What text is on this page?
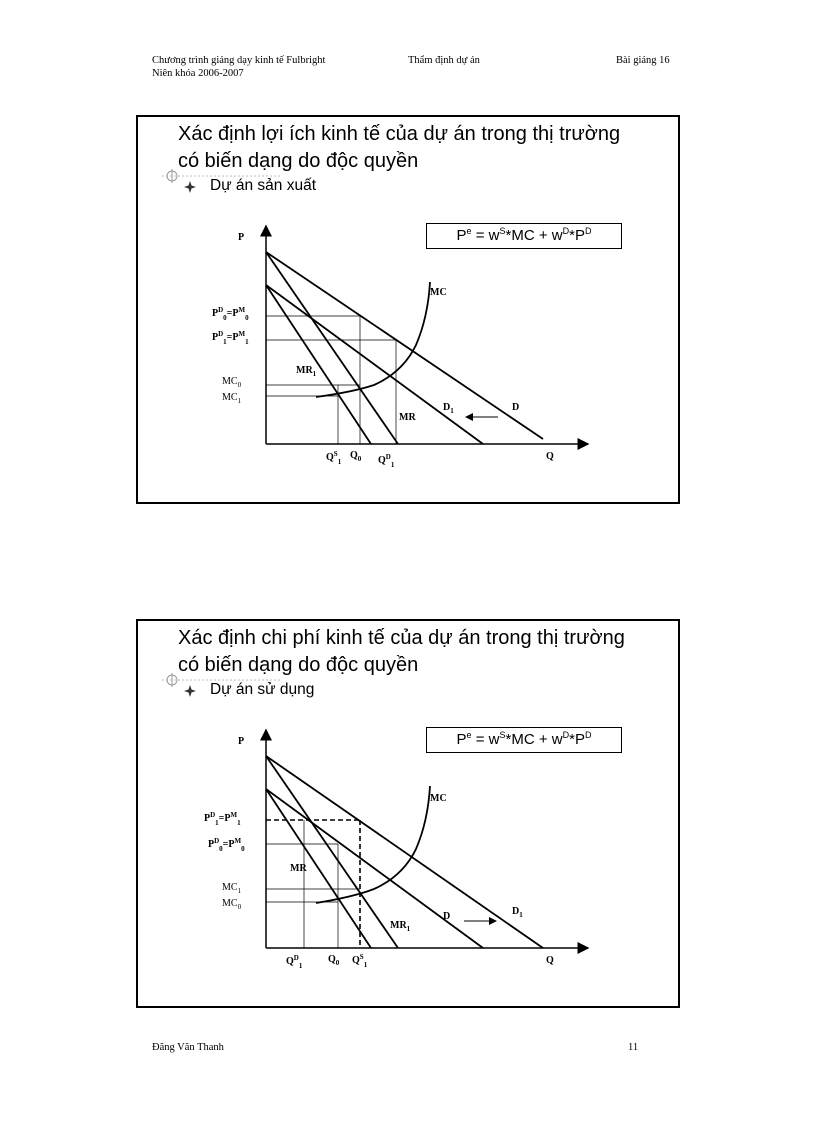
Chương trình giảng dạy kinh tế Fulbright
Niên khóa 2006-2007
Thẩm định dự án	Bài giảng 16
Xác định lợi ích kinh tế của dự án trong thị trường
có biến dạng do độc quyền
Dự án sản xuất
$P^e = w^S*MC + w^D*P^D$
P
Q
$P^D_0=P^M_0$
$P^D_1=P^M_1$
$MC_0$
$MC_1$
MC
$MR_1$
MR
$D_1$	D
$Q^S_1$
$Q_0$ $Q^D_1$
Xác định chi phí kinh tế của dự án trong thị trường
có biến dạng do độc quyền
Dự án sử dụng
$P^e = w^S*MC + w^D*P^D$
P
Q
$P^D_1=P^M_1$
$P^D_0=P^M_0$
$MC_1$
$MC_0$
MC
MR
$MR_1$
D	$D_1$
$Q^D_1$
$Q_0$ $Q^S_1$
Đăng Văn Thanh	11
